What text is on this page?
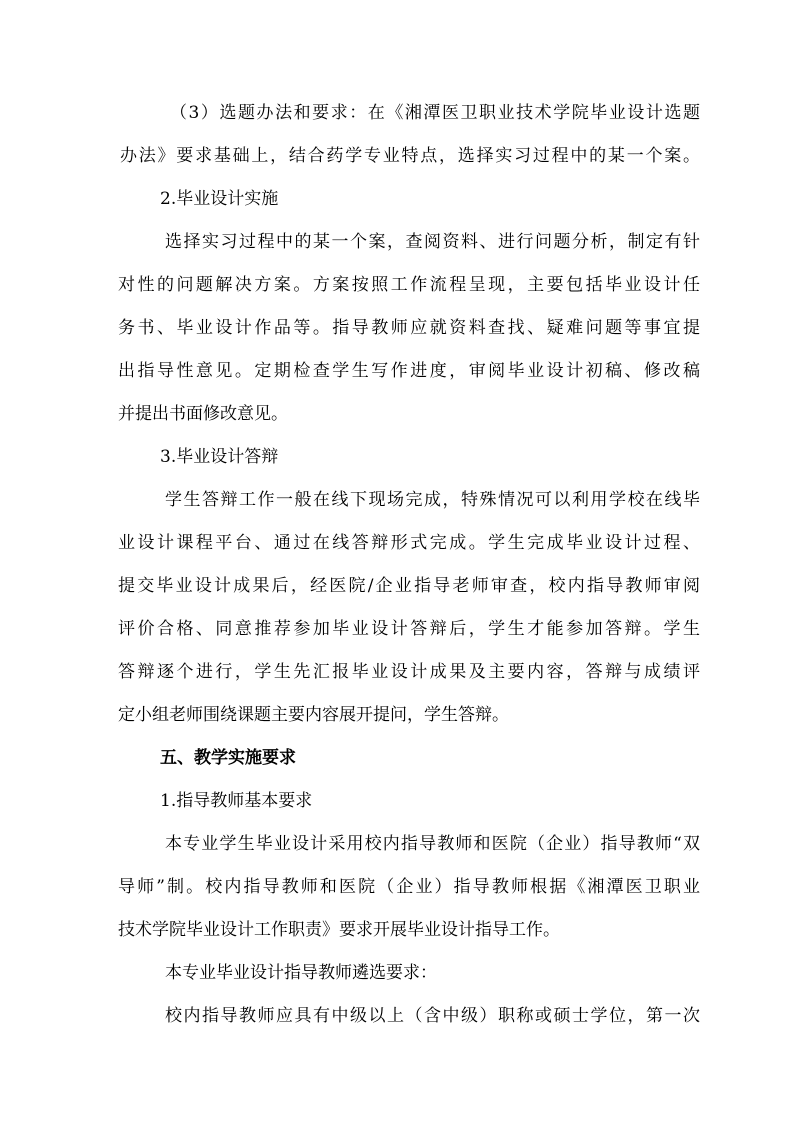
（3）选题办法和要求：在《湘潭医卫职业技术学院毕业设计选题
办法》要求基础上，结合药学专业特点，选择实习过程中的某一个案。
2.毕业设计实施
选择实习过程中的某一个案，查阅资料、进行问题分析，制定有针
对性的问题解决方案。方案按照工作流程呈现，主要包括毕业设计任
务书、毕业设计作品等。指导教师应就资料查找、疑难问题等事宜提
出指导性意见。定期检查学生写作进度，审阅毕业设计初稿、修改稿
并提出书面修改意见。
3.毕业设计答辩
学生答辩工作一般在线下现场完成，特殊情况可以利用学校在线毕
业设计课程平台、通过在线答辩形式完成。学生完成毕业设计过程、
提交毕业设计成果后，经医院/企业指导老师审查，校内指导教师审阅
评价合格、同意推荐参加毕业设计答辩后，学生才能参加答辩。学生
答辩逐个进行，学生先汇报毕业设计成果及主要内容，答辩与成绩评
定小组老师围绕课题主要内容展开提问，学生答辩。
五、教学实施要求
1.指导教师基本要求
本专业学生毕业设计采用校内指导教师和医院（企业）指导教师“双
导师”制。校内指导教师和医院（企业）指导教师根据《湘潭医卫职业
技术学院毕业设计工作职责》要求开展毕业设计指导工作。
本专业毕业设计指导教师遴选要求：
校内指导教师应具有中级以上（含中级）职称或硕士学位，第一次
